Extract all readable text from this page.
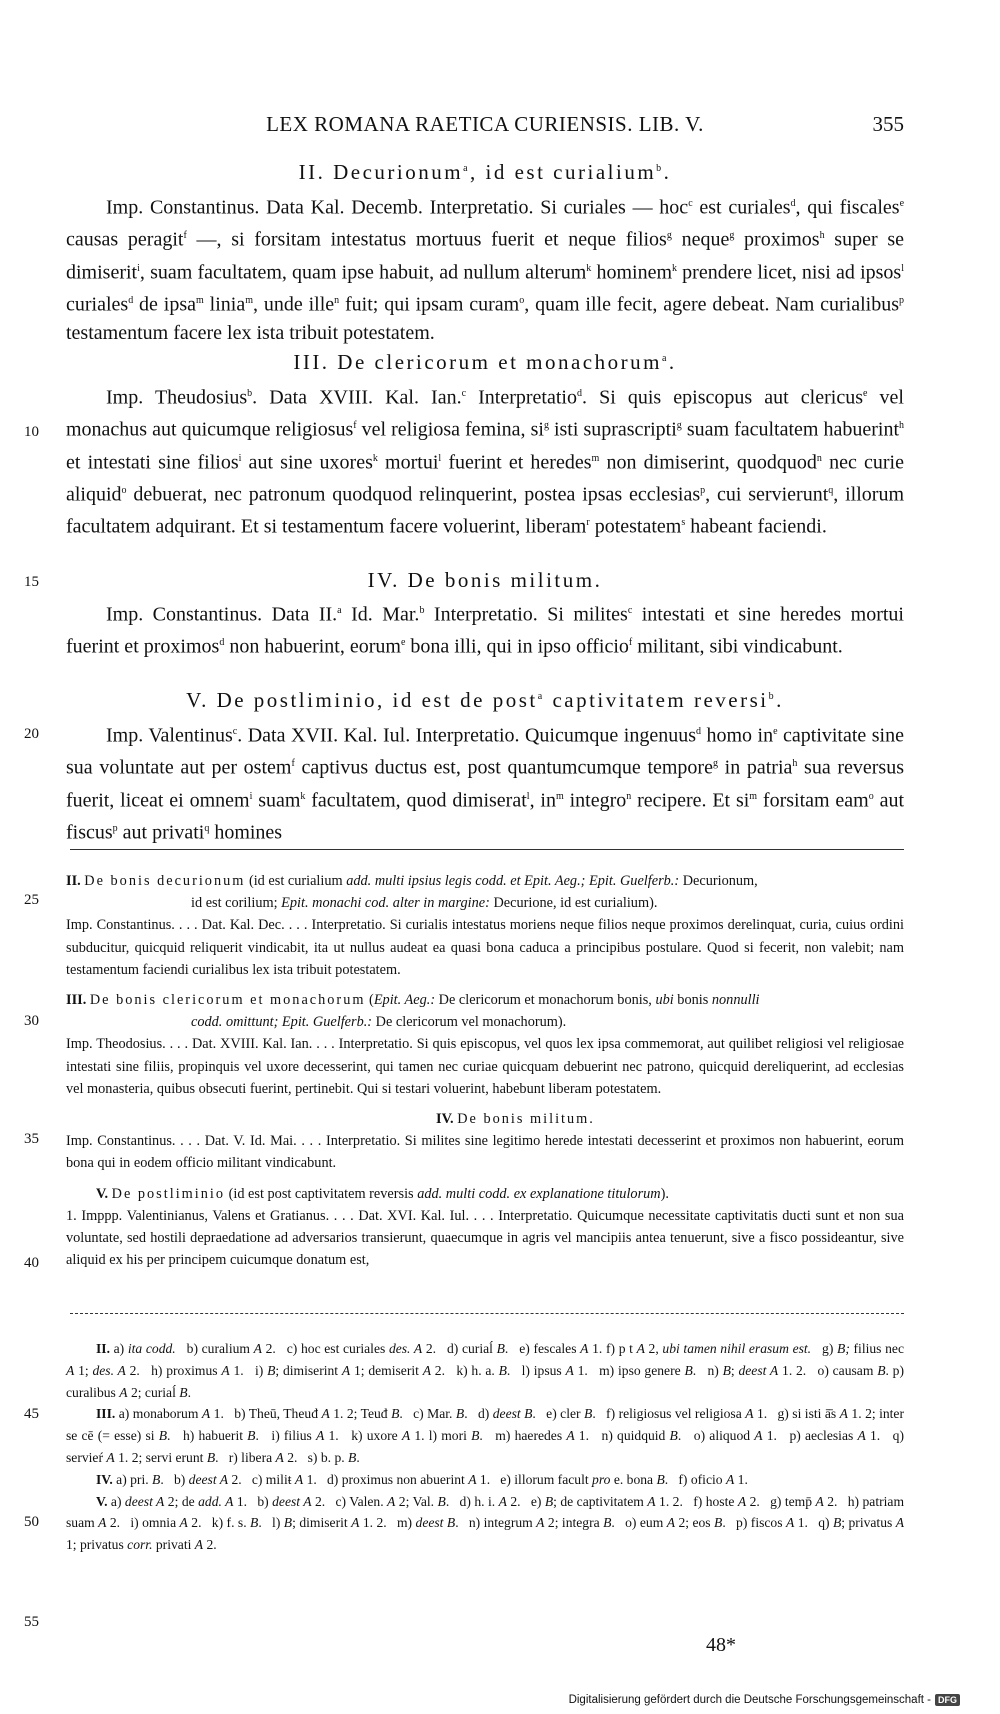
LEX ROMANA RAETICA CURIENSIS. LIB. V.	355
II. Decurionum$^a$, id est curialium$^b$.

Imp. Constantinus. Data Kal. Decemb. Interpretatio. Si curiales — hoc$^c$ est curiales$^d$, qui fiscales$^e$ causas peragit$^f$ —, si forsitam intestatus mortuus fuerit et neque filios$^g$ neque$^g$ proximos$^h$ super se dimiserit$^i$, suam facultatem, quam ipse habuit, ad nullum alterum$^k$ hominem$^k$ prendere licet, nisi ad ipsos$^l$ curiales$^d$ de ipsa$^m$ linia$^m$, unde ille$^n$ fuit; qui ipsam curam$^o$, quam ille fecit, agere debeat. Nam curialibus$^p$ testamentum facere lex ista tribuit potestatem.

III. De clericorum et monachorum$^a$.

Imp. Theudosius$^b$. Data XVIII. Kal. Ian.$^c$ Interpretatio$^d$. Si quis episcopus aut clericus$^e$ vel monachus aut quicumque religiosus$^f$ vel religiosa femina, $si^g$ isti suprascripti$^g$ suam facultatem habuerint$^h$ et intestati sine filios$^i$ aut sine uxores$^k$ mortui$^l$ fuerint et heredes$^m$ non dimiserint, quodquod$^n$ nec curie aliquid$^o$ debuerat, nec patronum quodquod relinquerint, postea ipsas ecclesias$^p$, cui servierunt$^q$, illorum facultatem adquirant. Et si testamentum facere voluerint, liberam$^r$ potestatem$^s$ habeant faciendi.

IV. De bonis militum.

Imp. Constantinus. Data II.$^a$ Id. Mar.$^b$ Interpretatio. Si milites$^c$ intestati et sine heredes mortui fuerint et proximos$^d$ non habuerint, eorum$^e$ bona illi, qui in ipso officio$^f$ militant, sibi vindicabunt.

V. De postliminio, id est de post$^a$ captivitatem reversi$^b$.

Imp. Valentinus$^c$. Data XVII. Kal. Iul. Interpretatio. Quicumque ingenuus$^d$ homo $in^e$ captivitate sine sua voluntate aut per ostem$^f$ captivus ductus est, post quantumcumque tempore$^g$ in patria$^h$ sua reversus fuerit, liceat ei omnem$^i$ suam$^k$ facultatem, quod dimiserat$^l$, $in^m$ integro$^n$ recipere. Et $si^m$ forsitam eam$^o$ aut fiscus$^p$ aut privati$^q$ homines

10
15
20
25
30
35
40
45
50
55

II. De bonis decurionum (id est curialium add. multi ipsius legis codd. et Epit. Aeg.; Epit. Guelferb.: Decurionum,

id est corilium; Epit. monachi cod. alter in margine: Decurione, id est curialium).

Imp. Constantinus. . . . Dat. Kal. Dec. . . . Interpretatio. Si curialis intestatus moriens neque filios neque proximos derelinquat, curia, cuius ordini subducitur, quicquid reliquerit vindicabit, ita ut nullus audeat ea quasi bona caduca a principibus postulare. Quod si fecerit, non valebit; nam testamentum faciendi curialibus lex ista tribuit potestatem.

III. De bonis clericorum et monachorum (Epit. Aeg.: De clericorum et monachorum bonis, ubi bonis nonnulli

codd. omittunt; Epit. Guelferb.: De clericorum vel monachorum).

Imp. Theodosius. . . . Dat. XVIII. Kal. Ian. . . . Interpretatio. Si quis episcopus, vel quos lex ipsa commemorat, aut quilibet religiosi vel religiosae intestati sine filiis, propinquis vel uxore decesserint, qui tamen nec curiae quicquam debuerint nec patrono, quicquid dereliquerint, ad ecclesias vel monasteria, quibus obsecuti fuerint, pertinebit. Qui si testari voluerint, habebunt liberam potestatem.

IV. De bonis militum.

Imp. Constantinus. . . . Dat. V. Id. Mai. . . . Interpretatio. Si milites sine legitimo herede intestati decesserint et proximos non habuerint, eorum bona qui in eodem officio militant vindicabunt.

V. De postliminio (id est post captivitatem reversis add. multi codd. ex explanatione titulorum).

1. Imppp. Valentinianus, Valens et Gratianus. . . . Dat. XVI. Kal. Iul. . . . Interpretatio. Quicumque necessitate captivitatis ducti sunt et non sua voluntate, sed hostili depraedatione ad adversarios transierunt, quaecumque in agris vel mancipiis antea tenuerunt, sive a fisco possideantur, sive aliquid ex his per principem cuicumque donatum est,

II. a) ita codd.   b) curalium A 2.   c) hoc est curiales des. A 2.   d) curiaĺ B.   e) fescales A 1. f) p t A 2, ubi tamen nihil erasum est.   g) B; filius nec A 1; des. A 2.   h) proximus A 1.   i) B; dimiserint A 1; demiserit A 2.   k) h. a. B.   l) ipsus A 1.   m) ipso genere B.   n) B; deest A 1. 2.   o) causam B. p) curalibus A 2; curiaĺ B.

III. a) monaborum A 1.   b) Theū, Theuđ A 1. 2; Teuđ B.   c) Mar. B.   d) deest B.   e) cler B.   f) religiosus vel religiosa A 1.   g) si isti ā̄s A 1. 2; inter se cē (= esse) si B.   h) habuerit B.   i) filius A 1.   k) uxore A 1. l) mori B.   m) haeredes A 1.   n) quidquid B.   o) aliquod A 1.   p) aeclesias A 1.   q) servieŕ A 1. 2; servi erunt B.   r) libera A 2.   s) b. p. B.

IV. a) pri. B.   b) deest A 2.   c) miliŧ A 1.   d) proximus non abuerint A 1.   e) illorum facult pro e. bona B.   f) oficio A 1.

V. a) deest A 2; de add. A 1.   b) deest A 2.   c) Valen. A 2; Val. B.   d) h. i. A 2.   e) B; de captivitatem A 1. 2.   f) hoste A 2.   g) temp̄ A 2.   h) patriam suam A 2.   i) omnia A 2.   k) f. s. B.   l) B; dimiserit A 1. 2.   m) deest B.   n) integrum A 2; integra B.   o) eum A 2; eos B.   p) fiscos A 1.   q) B; privatus A 1; privatus corr. privati A 2.

48*
Digitalisierung gefördert durch die Deutsche Forschungsgemeinschaft - DFG
